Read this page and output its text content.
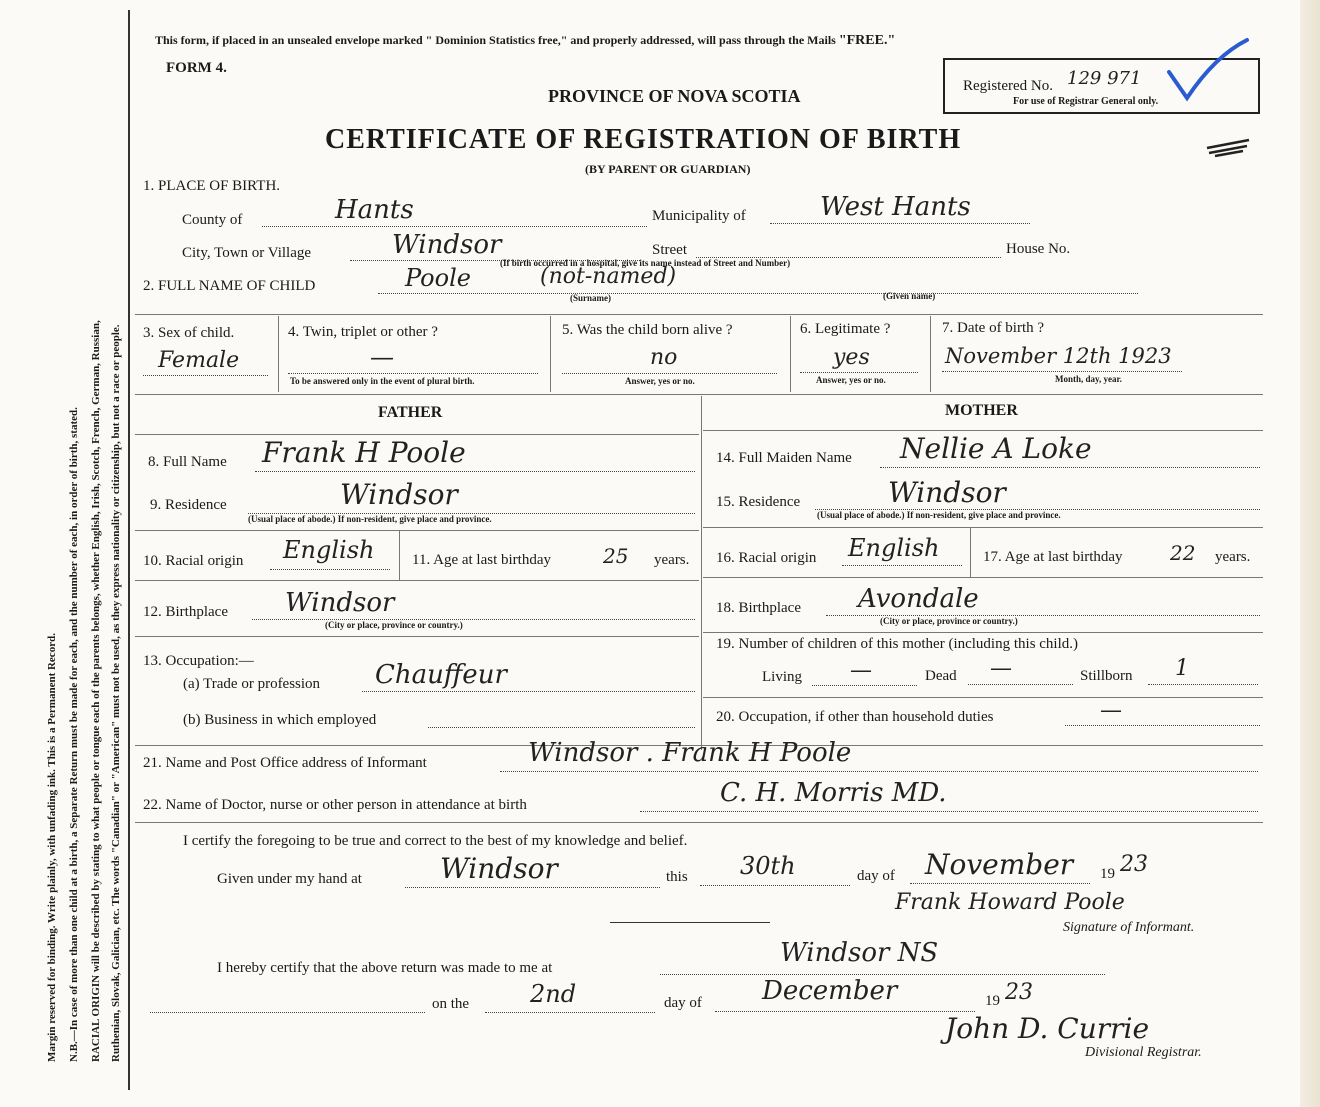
Margin reserved for binding. Write plainly, with unfading ink. This is a Permanent Record. N.B.—In case of more than one child at a birth, a Separate Return must be made for each, and the number of each, in order of birth, stated. RACIAL ORIGIN will be described by stating to what people or tongue each of the parents belongs, whether English, Irish, Scotch, French, German, Russian, Ruthenian, Slovak, Galician, etc. The words "Canadian" or "American" must not be used, as they express nationality or citizenship, but not a race or people.
This form, if placed in an unsealed envelope marked " Dominion Statistics free," and properly addressed, will pass through the Mails "FREE."
FORM 4.
PROVINCE OF NOVA SCOTIA
CERTIFICATE OF REGISTRATION OF BIRTH
(BY PARENT OR GUARDIAN)
Registered No. 129 971
For use of Registrar General only.
1. PLACE OF BIRTH.
County of	Hants	Municipality of	West Hants
City, Town or Village	Windsor	Street	House No.
(If birth occurred in a hospital, give its name instead of Street and Number)
2. FULL NAME OF CHILD	Poole	(not-named)
(Surname)	(Given name)
3. Sex of child.
Female
4. Twin, triplet or other ?
—
To be answered only in the event of plural birth.
5. Was the child born alive ?
no
Answer, yes or no.
6. Legitimate ?
yes
Answer, yes or no.
7. Date of birth ?
November 12th 1923
Month, day, year.
FATHER
8. Full Name Frank H Poole
9. Residence	Windsor
(Usual place of abode.) If non-resident, give place and province.
10. Racial origin English	11. Age at last birthday	25 years.
12. Birthplace Windsor
(City or place, province or country.)
13. Occupation:—
(a) Trade or profession Chauffeur
(b) Business in which employed
MOTHER
14. Full Maiden Name Nellie A Loke
15. Residence	Windsor
(Usual place of abode.) If non-resident, give place and province.
16. Racial origin English	17. Age at last birthday 22 years.
18. Birthplace Avondale
(City or place, province or country.)
19. Number of children of this mother (including this child.)
Living —	Dead —	Stillborn 1
20. Occupation, if other than household duties	—
21. Name and Post Office address of Informant	Windsor . Frank H Poole
22. Name of Doctor, nurse or other person in attendance at birth	C. H. Morris MD.
I certify the foregoing to be true and correct to the best of my knowledge and belief.
Given under my hand at	Windsor	this 30th	day of November 19 23
Frank Howard Poole
Signature of Informant.
I hereby certify that the above return was made to me at	Windsor NS
on the	2nd	day of December	19 23
John D. Currie
Divisional Registrar.
